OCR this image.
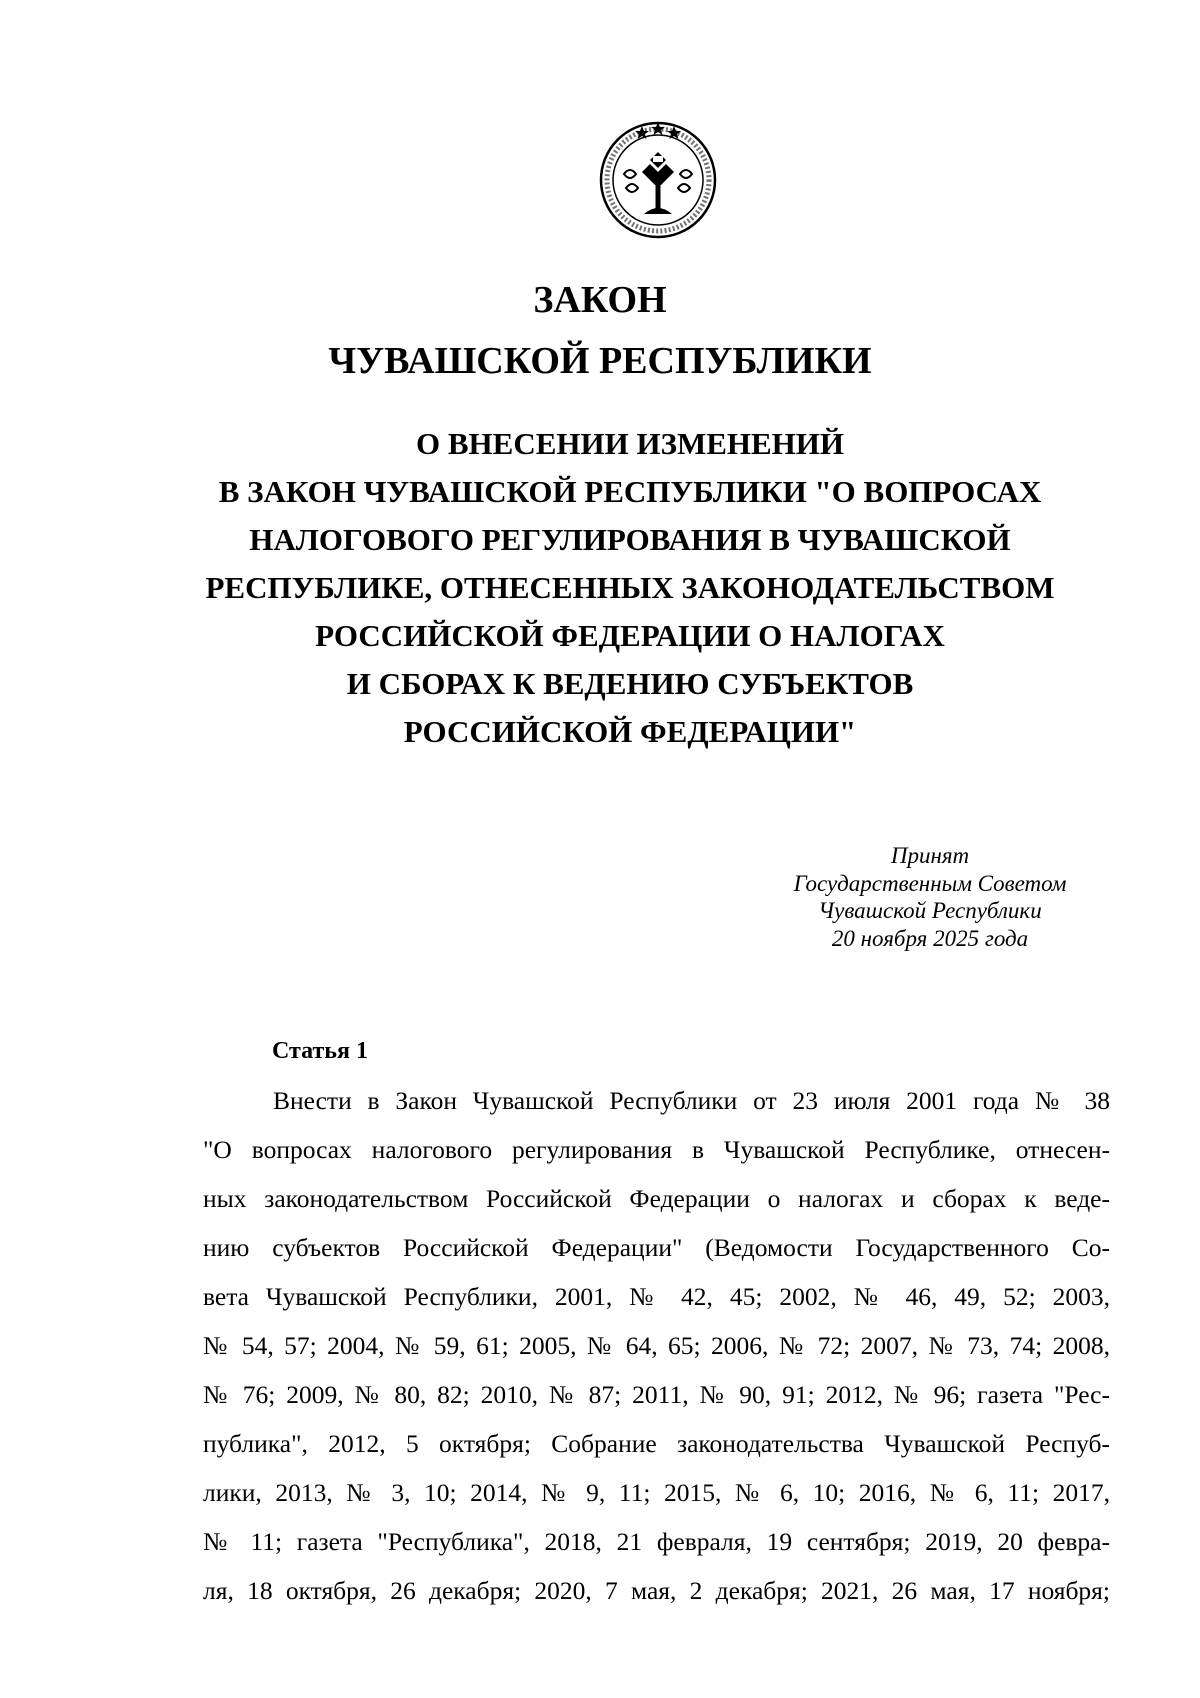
ЗАКОН
ЧУВАШСКОЙ РЕСПУБЛИКИ
О ВНЕСЕНИИ ИЗМЕНЕНИЙ
В ЗАКОН ЧУВАШСКОЙ РЕСПУБЛИКИ "О ВОПРОСАХ
НАЛОГОВОГО РЕГУЛИРОВАНИЯ В ЧУВАШСКОЙ
РЕСПУБЛИКЕ, ОТНЕСЕННЫХ ЗАКОНОДАТЕЛЬСТВОМ
РОССИЙСКОЙ ФЕДЕРАЦИИ О НАЛОГАХ
И СБОРАХ К ВЕДЕНИЮ СУБЪЕКТОВ
РОССИЙСКОЙ ФЕДЕРАЦИИ"
Принят
Государственным Советом
Чувашской Республики
20 ноября 2025 года
Статья 1
Внести в Закон Чувашской Республики от 23 июля 2001 года № 38
"О вопросах налогового регулирования в Чувашской Республике, отнесен-
ных законодательством Российской Федерации о налогах и сборах к веде-
нию субъектов Российской Федерации" (Ведомости Государственного Со-
вета Чувашской Республики, 2001, № 42, 45; 2002, № 46, 49, 52; 2003,
№ 54, 57; 2004, № 59, 61; 2005, № 64, 65; 2006, № 72; 2007, № 73, 74; 2008,
№ 76; 2009, № 80, 82; 2010, № 87; 2011, № 90, 91; 2012, № 96; газета "Рес-
публика", 2012, 5 октября; Собрание законодательства Чувашской Респуб-
лики, 2013, № 3, 10; 2014, № 9, 11; 2015, № 6, 10; 2016, № 6, 11; 2017,
№ 11; газета "Республика", 2018, 21 февраля, 19 сентября; 2019, 20 февра-
ля, 18 октября, 26 декабря; 2020, 7 мая, 2 декабря; 2021, 26 мая, 17 ноября;
